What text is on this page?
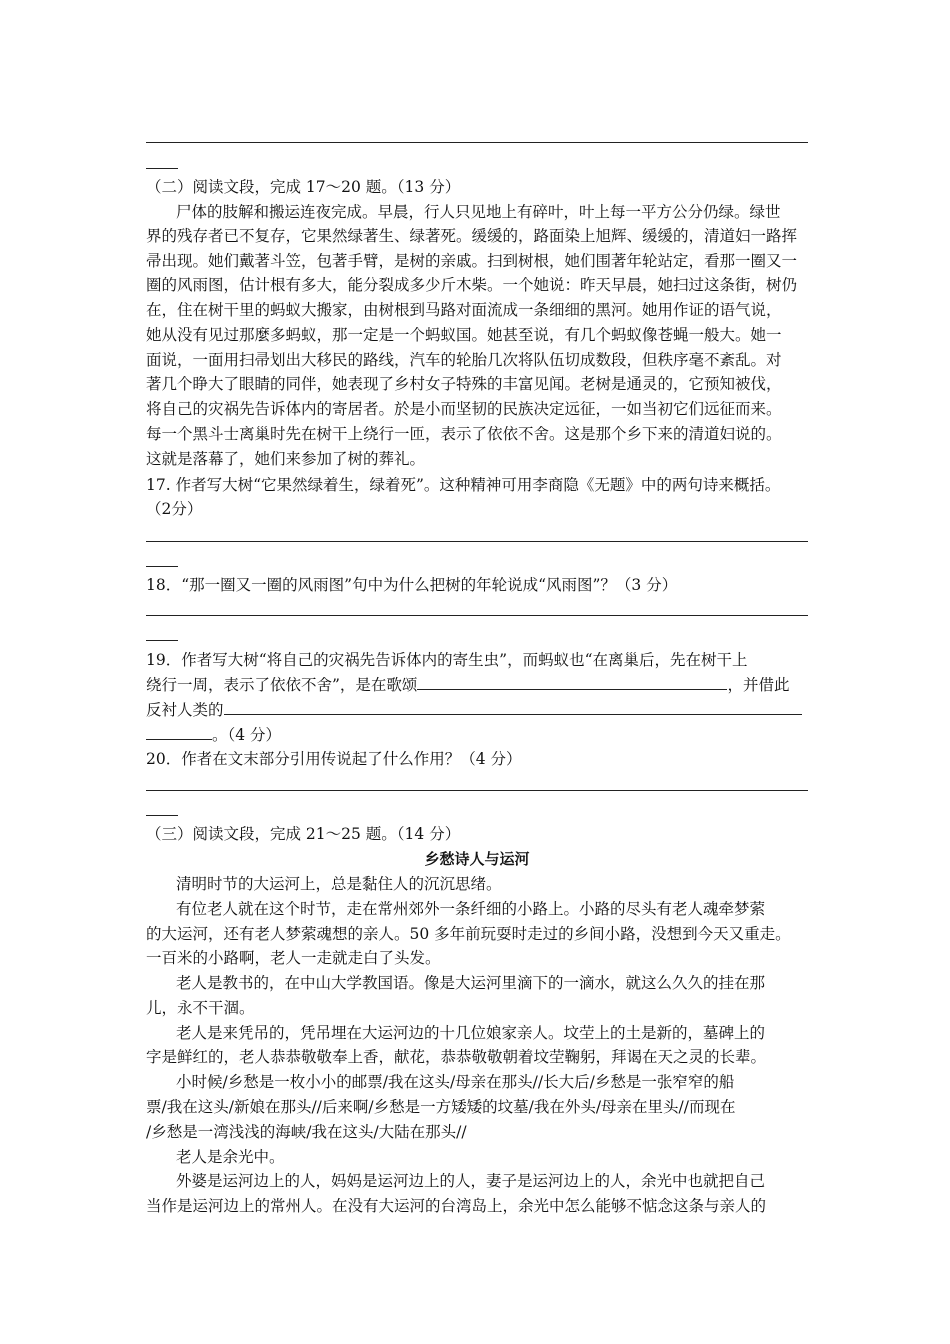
（二）阅读文段，完成 17～20 题。（13 分）
尸体的肢解和搬运连夜完成。早晨，行人只见地上有碎叶，叶上每一平方公分仍绿。绿世
界的残存者已不复存，它果然绿著生、绿著死。缓缓的，路面染上旭辉、缓缓的，清道妇一路挥
帚出现。她们戴著斗笠，包著手臂，是树的亲戚。扫到树根，她们围著年轮站定，看那一圈又一
圈的风雨图，估计根有多大，能分裂成多少斤木柴。一个她说：昨天早晨，她扫过这条街，树仍
在，住在树干里的蚂蚁大搬家，由树根到马路对面流成一条细细的黑河。她用作证的语气说，
她从没有见过那麼多蚂蚁，那一定是一个蚂蚁国。她甚至说，有几个蚂蚁像苍蝇一般大。她一
面说，一面用扫帚划出大移民的路线，汽车的轮胎几次将队伍切成数段，但秩序毫不紊乱。对
著几个睁大了眼睛的同伴，她表现了乡村女子特殊的丰富见闻。老树是通灵的，它预知被伐，
将自己的灾祸先告诉体内的寄居者。於是小而坚韧的民族决定远征，一如当初它们远征而来。
每一个黑斗士离巢时先在树干上绕行一匝，表示了依依不舍。这是那个乡下来的清道妇说的。
这就是落幕了，她们来参加了树的葬礼。
17. 作者写大树“它果然绿着生，绿着死”。这种精神可用李商隐《无题》中的两句诗来概括。
（2分）
18．“那一圈又一圈的风雨图”句中为什么把树的年轮说成“风雨图”？（3 分）
19．作者写大树“将自己的灾祸先告诉体内的寄生虫”，而蚂蚁也“在离巢后，先在树干上
绕行一周，表示了依依不舍”，是在歌颂	，并借此
反衬人类的
。（4 分）
20．作者在文末部分引用传说起了什么作用？（4 分）
（三）阅读文段，完成 21～25 题。（14 分）
乡愁诗人与运河
清明时节的大运河上，总是黏住人的沉沉思绪。
有位老人就在这个时节，走在常州郊外一条纤细的小路上。小路的尽头有老人魂牵梦萦
的大运河，还有老人梦萦魂想的亲人。50 多年前玩耍时走过的乡间小路，没想到今天又重走。
一百米的小路啊，老人一走就走白了头发。
老人是教书的，在中山大学教国语。像是大运河里滴下的一滴水，就这么久久的挂在那
儿，永不干涸。
老人是来凭吊的，凭吊埋在大运河边的十几位娘家亲人。坟茔上的土是新的，墓碑上的
字是鲜红的，老人恭恭敬敬奉上香，献花，恭恭敬敬朝着坟茔鞠躬，拜谒在天之灵的长辈。
小时候/乡愁是一枚小小的邮票/我在这头/母亲在那头//长大后/乡愁是一张窄窄的船
票/我在这头/新娘在那头//后来啊/乡愁是一方矮矮的坟墓/我在外头/母亲在里头//而现在
/乡愁是一湾浅浅的海峡/我在这头/大陆在那头//
老人是余光中。
外婆是运河边上的人，妈妈是运河边上的人，妻子是运河边上的人，余光中也就把自己
当作是运河边上的常州人。在没有大运河的台湾岛上，余光中怎么能够不惦念这条与亲人的
